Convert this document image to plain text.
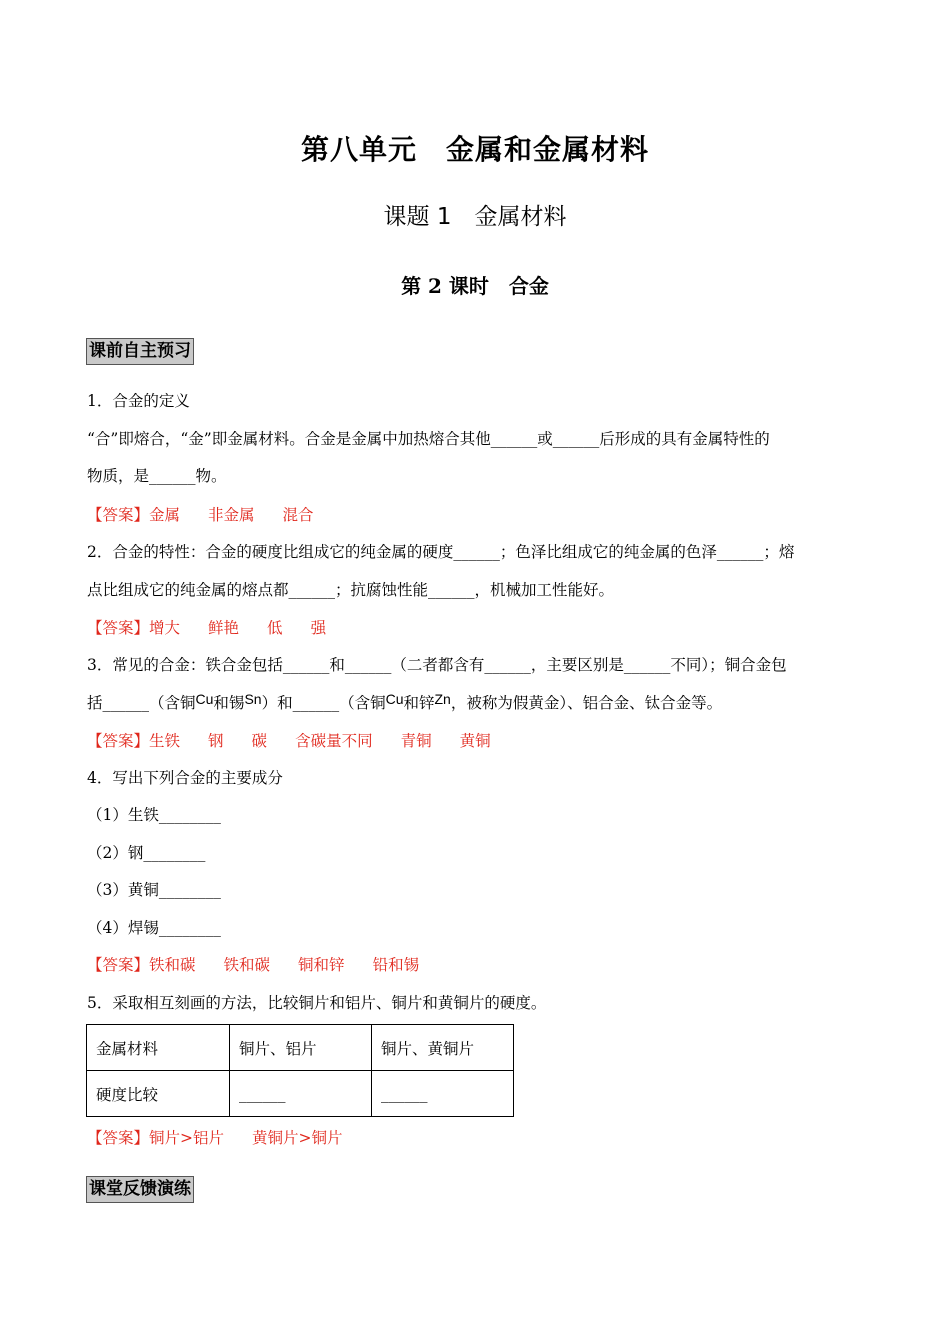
第八单元　金属和金属材料
课题 1　金属材料
第 2 课时　合金
课前自主预习
1．合金的定义
“合”即熔合，“金”即金属材料。合金是金属中加热熔合其他______或______后形成的具有金属特性的
物质，是______物。
【答案】金属 非金属 混合
2．合金的特性：合金的硬度比组成它的纯金属的硬度______；色泽比组成它的纯金属的色泽______；熔
点比组成它的纯金属的熔点都______；抗腐蚀性能______，机械加工性能好。
【答案】增大 鲜艳 低 强
3．常见的合金：铁合金包括______和______（二者都含有______，主要区别是______不同）；铜合金包
括______（含铜Cu和锡Sn）和______（含铜Cu和锌Zn，被称为假黄金）、铝合金、钛合金等。
【答案】生铁 钢 碳 含碳量不同 青铜 黄铜
4．写出下列合金的主要成分
（1）生铁________
（2）钢________
（3）黄铜________
（4）焊锡________
【答案】铁和碳 铁和碳 铜和锌 铅和锡
5．采取相互刻画的方法，比较铜片和铝片、铜片和黄铜片的硬度。
金属材料	铜片、铝片	铜片、黄铜片
硬度比较	______	______
【答案】铜片>铝片 黄铜片>铜片
课堂反馈演练
